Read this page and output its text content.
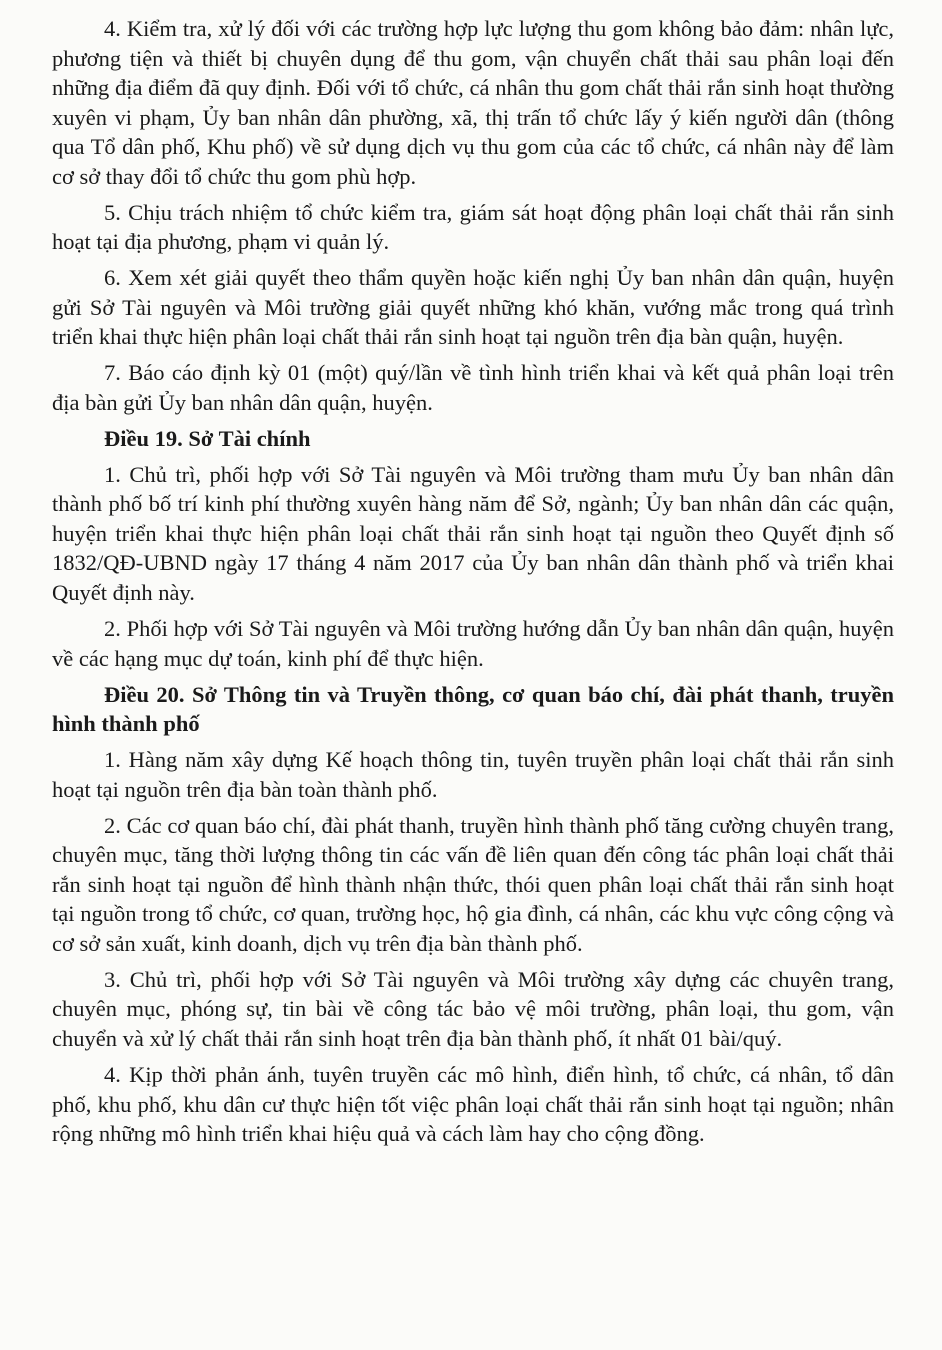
4. Kiểm tra, xử lý đối với các trường hợp lực lượng thu gom không bảo đảm: nhân lực, phương tiện và thiết bị chuyên dụng để thu gom, vận chuyển chất thải sau phân loại đến những địa điểm đã quy định. Đối với tổ chức, cá nhân thu gom chất thải rắn sinh hoạt thường xuyên vi phạm, Ủy ban nhân dân phường, xã, thị trấn tổ chức lấy ý kiến người dân (thông qua Tổ dân phố, Khu phố) về sử dụng dịch vụ thu gom của các tổ chức, cá nhân này để làm cơ sở thay đổi tổ chức thu gom phù hợp.

5. Chịu trách nhiệm tổ chức kiểm tra, giám sát hoạt động phân loại chất thải rắn sinh hoạt tại địa phương, phạm vi quản lý.

6. Xem xét giải quyết theo thẩm quyền hoặc kiến nghị Ủy ban nhân dân quận, huyện gửi Sở Tài nguyên và Môi trường giải quyết những khó khăn, vướng mắc trong quá trình triển khai thực hiện phân loại chất thải rắn sinh hoạt tại nguồn trên địa bàn quận, huyện.

7. Báo cáo định kỳ 01 (một) quý/lần về tình hình triển khai và kết quả phân loại trên địa bàn gửi Ủy ban nhân dân quận, huyện.

Điều 19. Sở Tài chính

1. Chủ trì, phối hợp với Sở Tài nguyên và Môi trường tham mưu Ủy ban nhân dân thành phố bố trí kinh phí thường xuyên hàng năm để Sở, ngành; Ủy ban nhân dân các quận, huyện triển khai thực hiện phân loại chất thải rắn sinh hoạt tại nguồn theo Quyết định số 1832/QĐ-UBND ngày 17 tháng 4 năm 2017 của Ủy ban nhân dân thành phố và triển khai Quyết định này.

2. Phối hợp với Sở Tài nguyên và Môi trường hướng dẫn Ủy ban nhân dân quận, huyện về các hạng mục dự toán, kinh phí để thực hiện.

Điều 20. Sở Thông tin và Truyền thông, cơ quan báo chí, đài phát thanh, truyền hình thành phố

1. Hàng năm xây dựng Kế hoạch thông tin, tuyên truyền phân loại chất thải rắn sinh hoạt tại nguồn trên địa bàn toàn thành phố.

2. Các cơ quan báo chí, đài phát thanh, truyền hình thành phố tăng cường chuyên trang, chuyên mục, tăng thời lượng thông tin các vấn đề liên quan đến công tác phân loại chất thải rắn sinh hoạt tại nguồn để hình thành nhận thức, thói quen phân loại chất thải rắn sinh hoạt tại nguồn trong tổ chức, cơ quan, trường học, hộ gia đình, cá nhân, các khu vực công cộng và cơ sở sản xuất, kinh doanh, dịch vụ trên địa bàn thành phố.

3. Chủ trì, phối hợp với Sở Tài nguyên và Môi trường xây dựng các chuyên trang, chuyên mục, phóng sự, tin bài về công tác bảo vệ môi trường, phân loại, thu gom, vận chuyển và xử lý chất thải rắn sinh hoạt trên địa bàn thành phố, ít nhất 01 bài/quý.

4. Kịp thời phản ánh, tuyên truyền các mô hình, điển hình, tổ chức, cá nhân, tổ dân phố, khu phố, khu dân cư thực hiện tốt việc phân loại chất thải rắn sinh hoạt tại nguồn; nhân rộng những mô hình triển khai hiệu quả và cách làm hay cho cộng đồng.
